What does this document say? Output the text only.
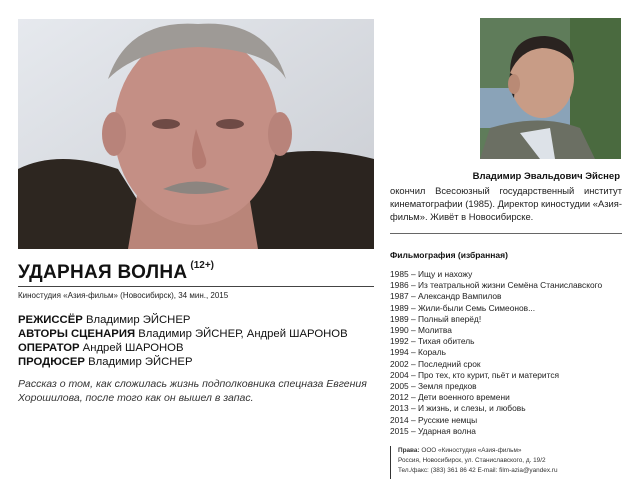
УДАРНАЯ ВОЛНА $^{(12+)}$
Киностудия «Азия-фильм» (Новосибирск), 34 мин., 2015
РЕЖИССЁР Владимир ЭЙСНЕР
АВТОРЫ СЦЕНАРИЯ Владимир ЭЙСНЕР, Андрей ШАРОНОВ
ОПЕРАТОР Андрей ШАРОНОВ
ПРОДЮСЕР Владимир ЭЙСНЕР
Рассказ о том, как сложилась жизнь подполковника спецназа Евгения Хорошилова, после того как он вышел в запас.
Владимир Эвальдович Эйснер
окончил Всесоюзный государственный институт кинематографии (1985). Директор киностудии «Азия-фильм». Живёт в Новосибирске.
Фильмография (избранная)
1985 – Ищу и нахожу
1986 – Из театральной жизни Семёна Станиславского
1987 – Александр Вампилов
1989 – Жили-были Семь Симеонов...
1989 – Полный вперёд!
1990 – Молитва
1992 – Тихая обитель
1994 – Кораль
2002 – Последний срок
2004 – Про тех, кто курит, пьёт и матерится
2005 – Земля предков
2012 – Дети военного времени
2013 – И жизнь, и слезы, и любовь
2014 – Русские немцы
2015 – Ударная волна
Права: ООО «Киностудия «Азия-фильм»
Россия, Новосибирск, ул. Станиславского, д. 19/2
Тел./факс: (383) 361 86 42 E-mail: film-azia@yandex.ru
